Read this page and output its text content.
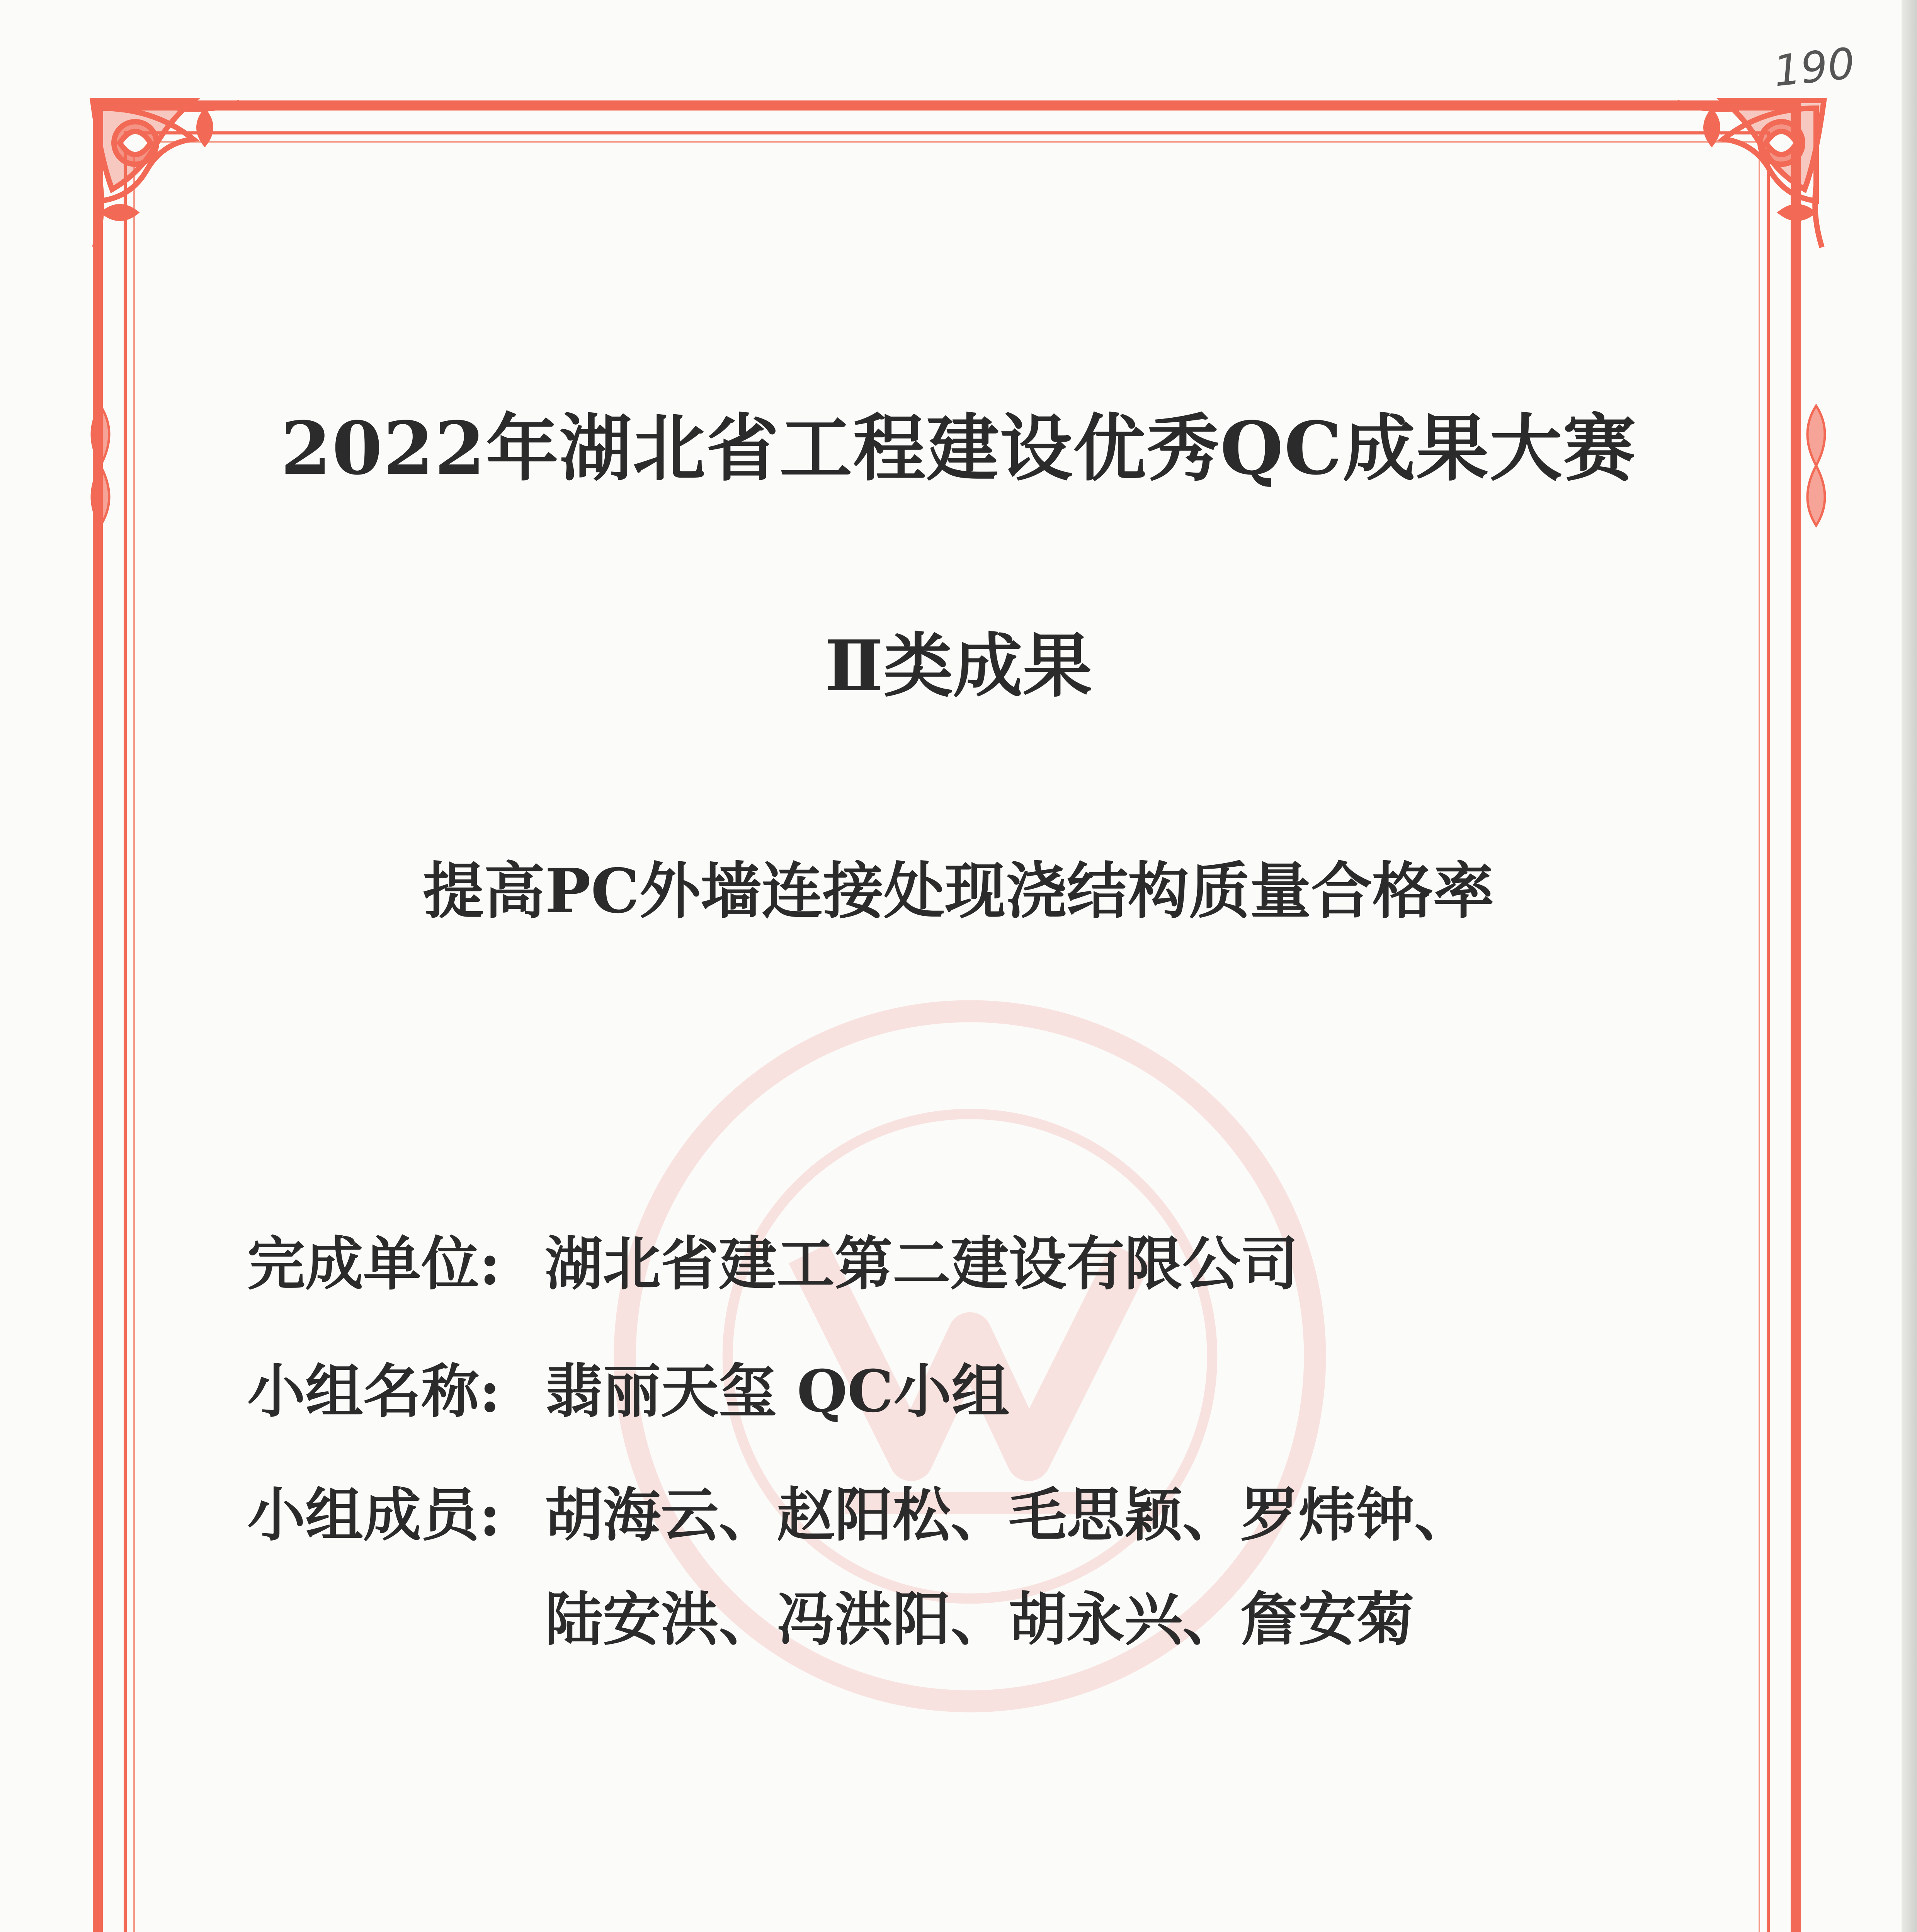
190
2022年湖北省工程建设优秀QC成果大赛
Ⅱ类成果
提高PC外墙连接处现浇结构质量合格率
完成单位: 湖北省建工第二建设有限公司
小组名称: 翡丽天玺 QC小组
小组成员: 胡海云、赵阳松、毛思颖、罗炜钟、
陆安洪、冯洪阳、胡永兴、詹安菊
